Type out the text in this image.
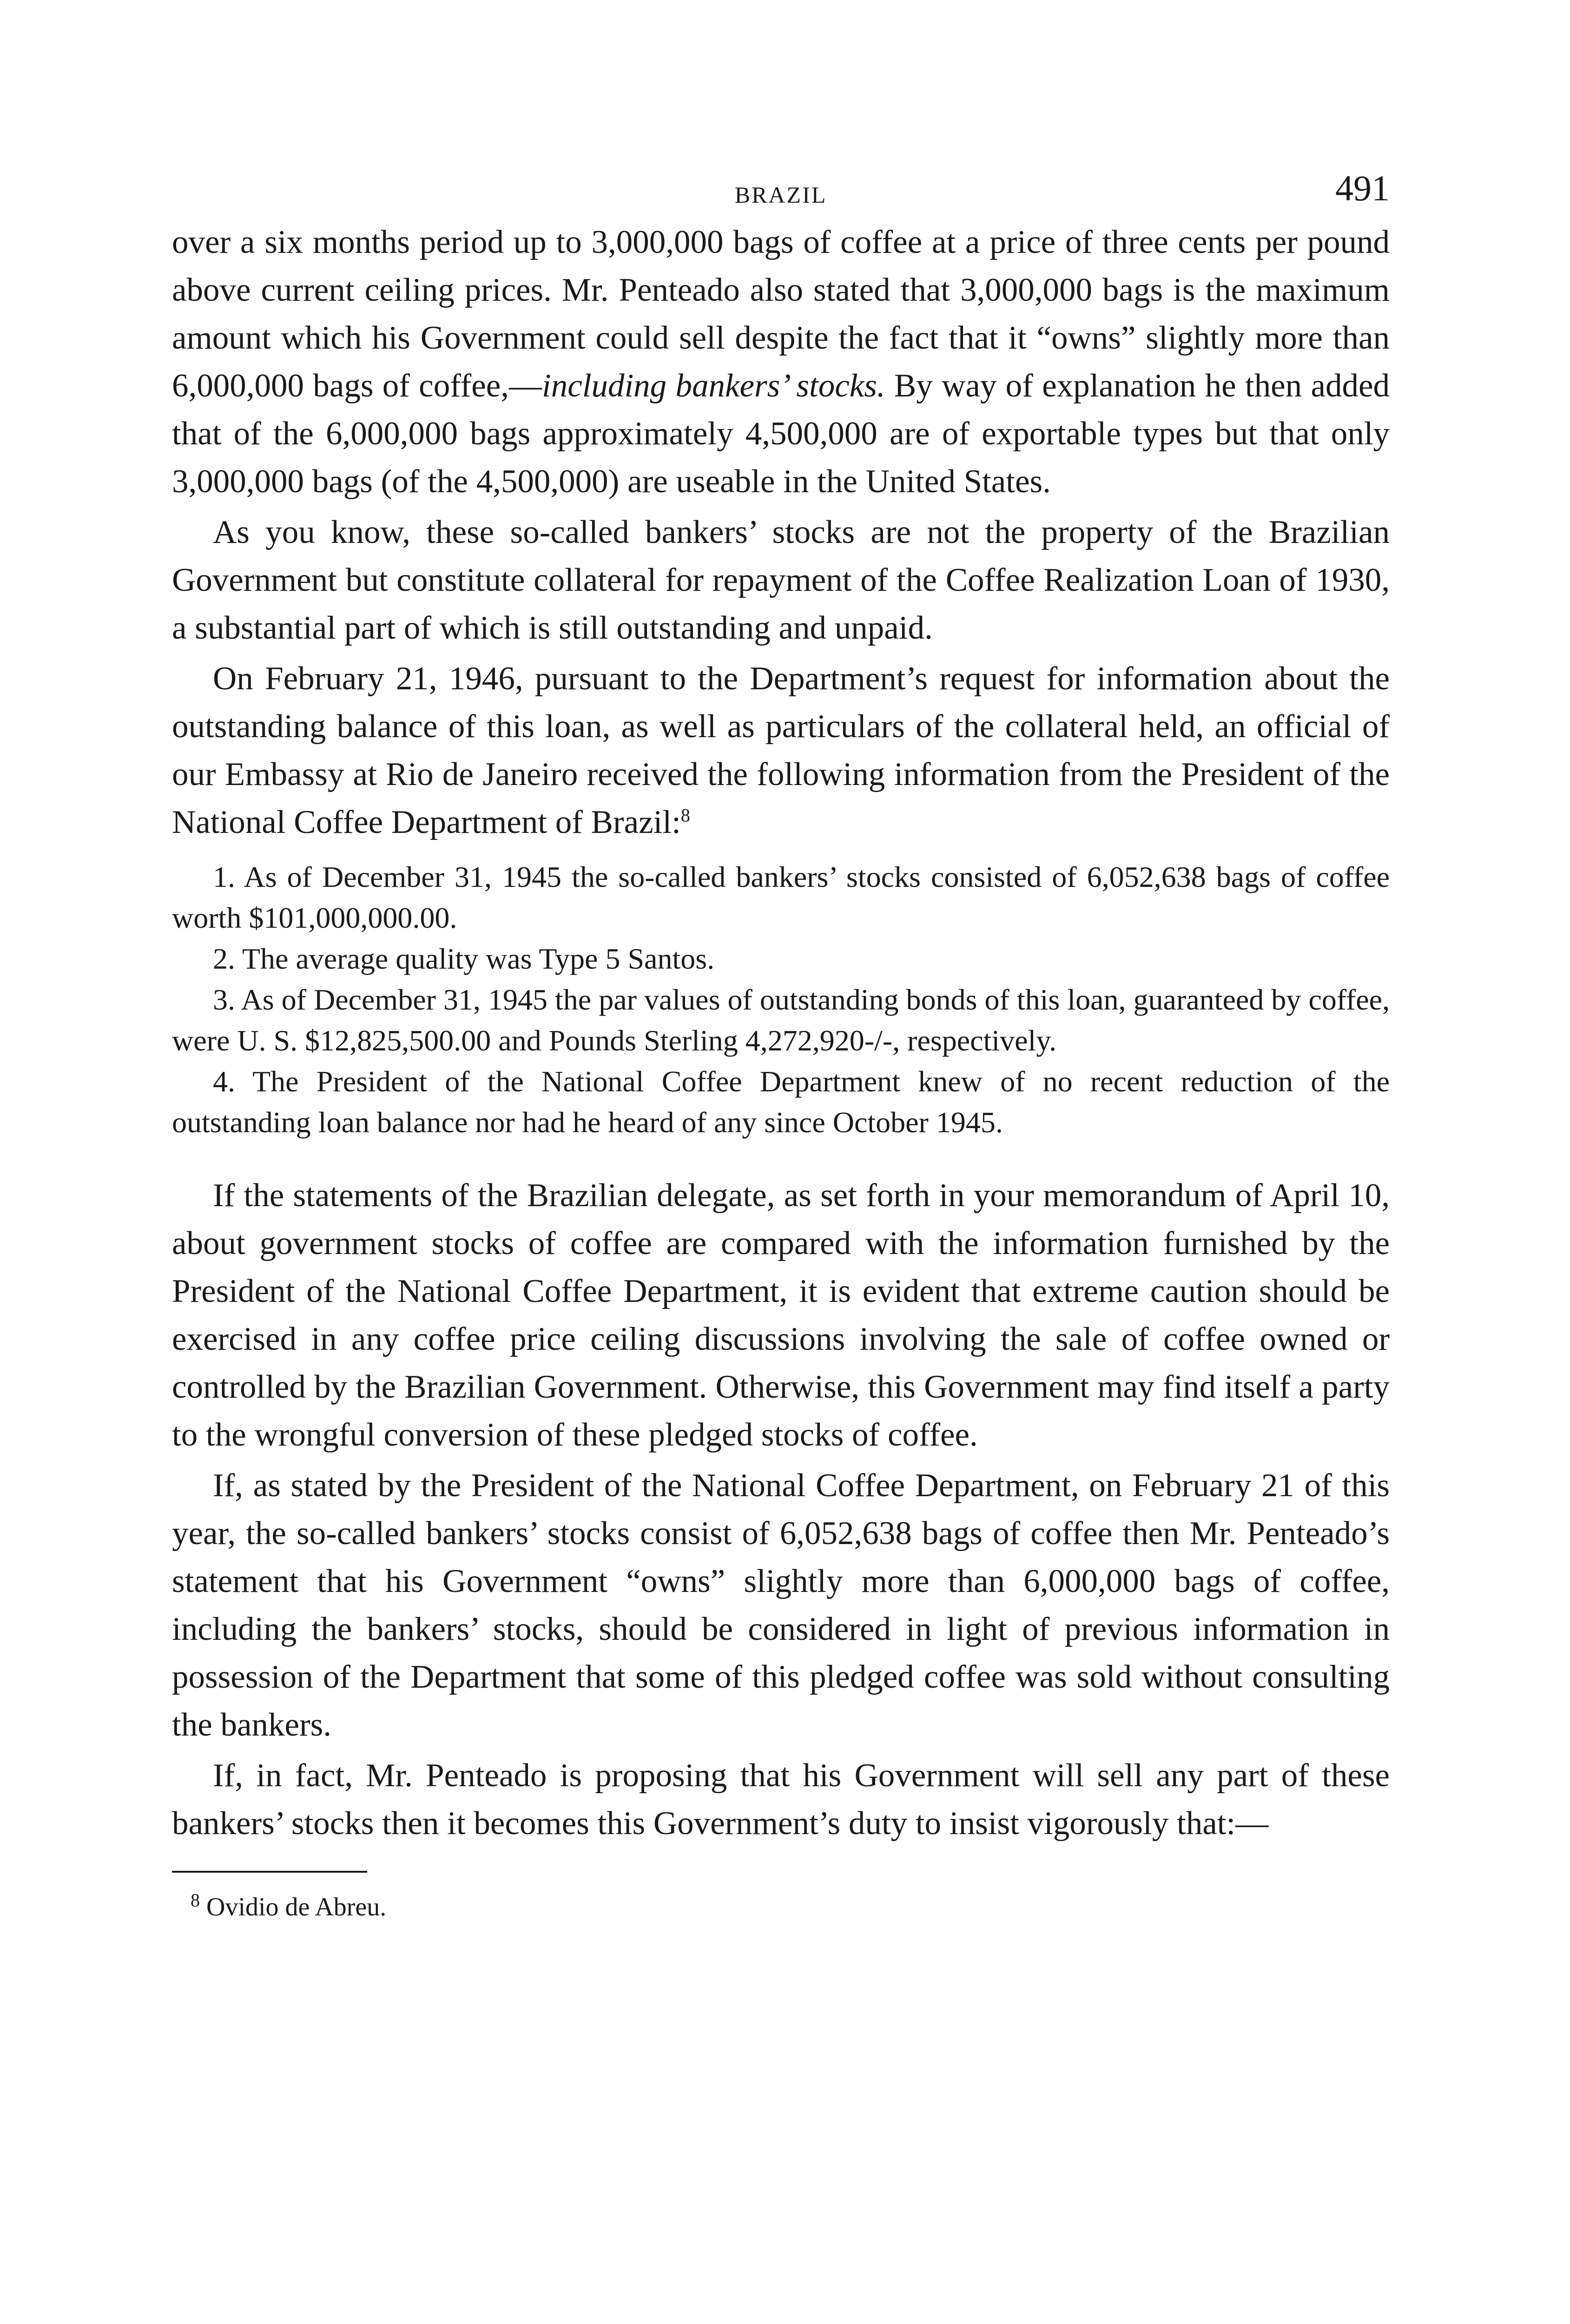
BRAZIL	491

over a six months period up to 3,000,000 bags of coffee at a price of three cents per pound above current ceiling prices. Mr. Penteado also stated that 3,000,000 bags is the maximum amount which his Government could sell despite the fact that it “owns” slightly more than 6,000,000 bags of coffee,—including bankers’ stocks. By way of explanation he then added that of the 6,000,000 bags approximately 4,500,000 are of exportable types but that only 3,000,000 bags (of the 4,500,000) are useable in the United States.

As you know, these so-called bankers’ stocks are not the property of the Brazilian Government but constitute collateral for repayment of the Coffee Realization Loan of 1930, a substantial part of which is still outstanding and unpaid.

On February 21, 1946, pursuant to the Department’s request for information about the outstanding balance of this loan, as well as particulars of the collateral held, an official of our Embassy at Rio de Janeiro received the following information from the President of the National Coffee Department of Brazil:$^8$

1. As of December 31, 1945 the so-called bankers’ stocks consisted of 6,052,638 bags of coffee worth $101,000,000.00.

2. The average quality was Type 5 Santos.

3. As of December 31, 1945 the par values of outstanding bonds of this loan, guaranteed by coffee, were U. S. $12,825,500.00 and Pounds Sterling 4,272,920-/-, respectively.

4. The President of the National Coffee Department knew of no recent reduction of the outstanding loan balance nor had he heard of any since October 1945.

If the statements of the Brazilian delegate, as set forth in your memorandum of April 10, about government stocks of coffee are compared with the information furnished by the President of the National Coffee Department, it is evident that extreme caution should be exercised in any coffee price ceiling discussions involving the sale of coffee owned or controlled by the Brazilian Government. Otherwise, this Government may find itself a party to the wrongful conversion of these pledged stocks of coffee.

If, as stated by the President of the National Coffee Department, on February 21 of this year, the so-called bankers’ stocks consist of 6,052,638 bags of coffee then Mr. Penteado’s statement that his Government “owns” slightly more than 6,000,000 bags of coffee, including the bankers’ stocks, should be considered in light of previous information in possession of the Department that some of this pledged coffee was sold without consulting the bankers.

If, in fact, Mr. Penteado is proposing that his Government will sell any part of these bankers’ stocks then it becomes this Government’s duty to insist vigorously that:—

$^8$ Ovidio de Abreu.
